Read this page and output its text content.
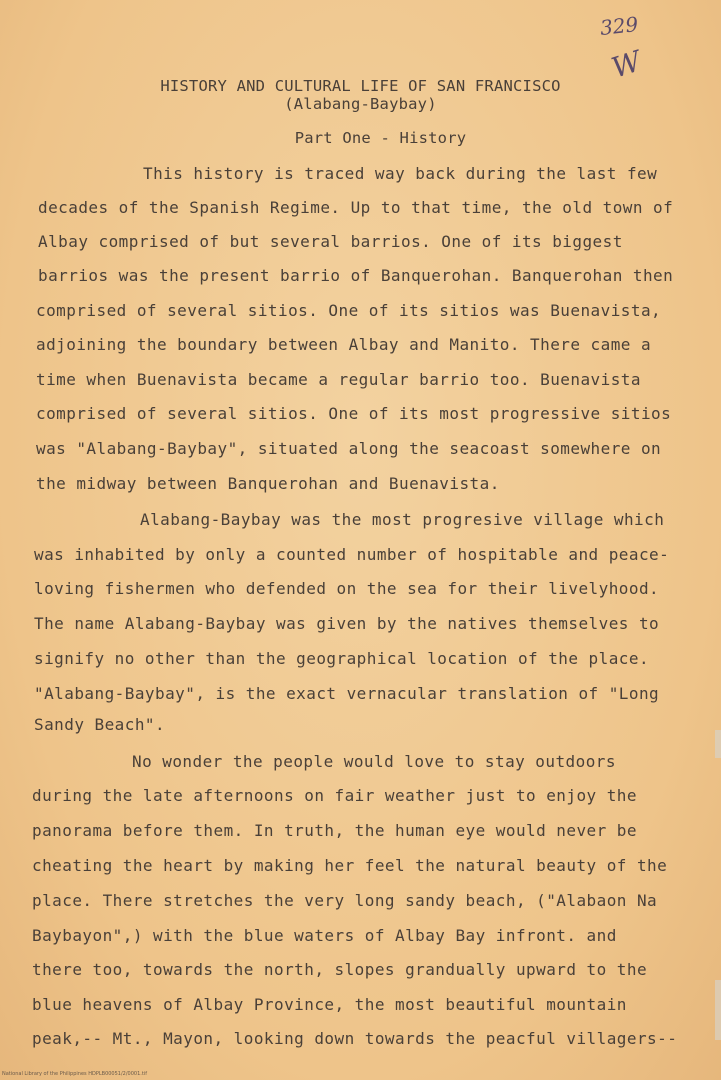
329
W
HISTORY AND CULTURAL LIFE OF SAN FRANCISCO
(Alabang-Baybay)
Part One - History
This history is traced way back during the last few
decades of the Spanish Regime. Up to that time, the old town of
Albay comprised of but several barrios. One of its biggest
barrios was the present barrio of Banquerohan. Banquerohan then
comprised of several sitios. One of its sitios was Buenavista,
adjoining the boundary between Albay and Manito. There came a
time when Buenavista became a regular barrio too. Buenavista
comprised of several sitios. One of its most progressive sitios
was "Alabang-Baybay", situated along the seacoast somewhere on
the midway between Banquerohan and Buenavista.
Alabang-Baybay was the most progresive village which
was inhabited by only a counted number of hospitable and peace-
loving fishermen who defended on the sea for their livelyhood.
The name Alabang-Baybay was given by the natives themselves to
signify no other than the geographical location of the place.
"Alabang-Baybay", is the exact vernacular translation of "Long
Sandy Beach".
No wonder the people would love to stay outdoors
during the late afternoons on fair weather just to enjoy the
panorama before them. In truth, the human eye would never be
cheating the heart by making her feel the natural beauty of the
place. There stretches the very long sandy beach, ("Alabaon Na
Baybayon",) with the blue waters of Albay Bay infront. and
there too, towards the north, slopes grandually upward to the
blue heavens of Albay Province, the most beautiful mountain
peak,-- Mt., Mayon, looking down towards the peacful villagers--
National Library of the Philippines HDPLB00051/2/0001.tif
